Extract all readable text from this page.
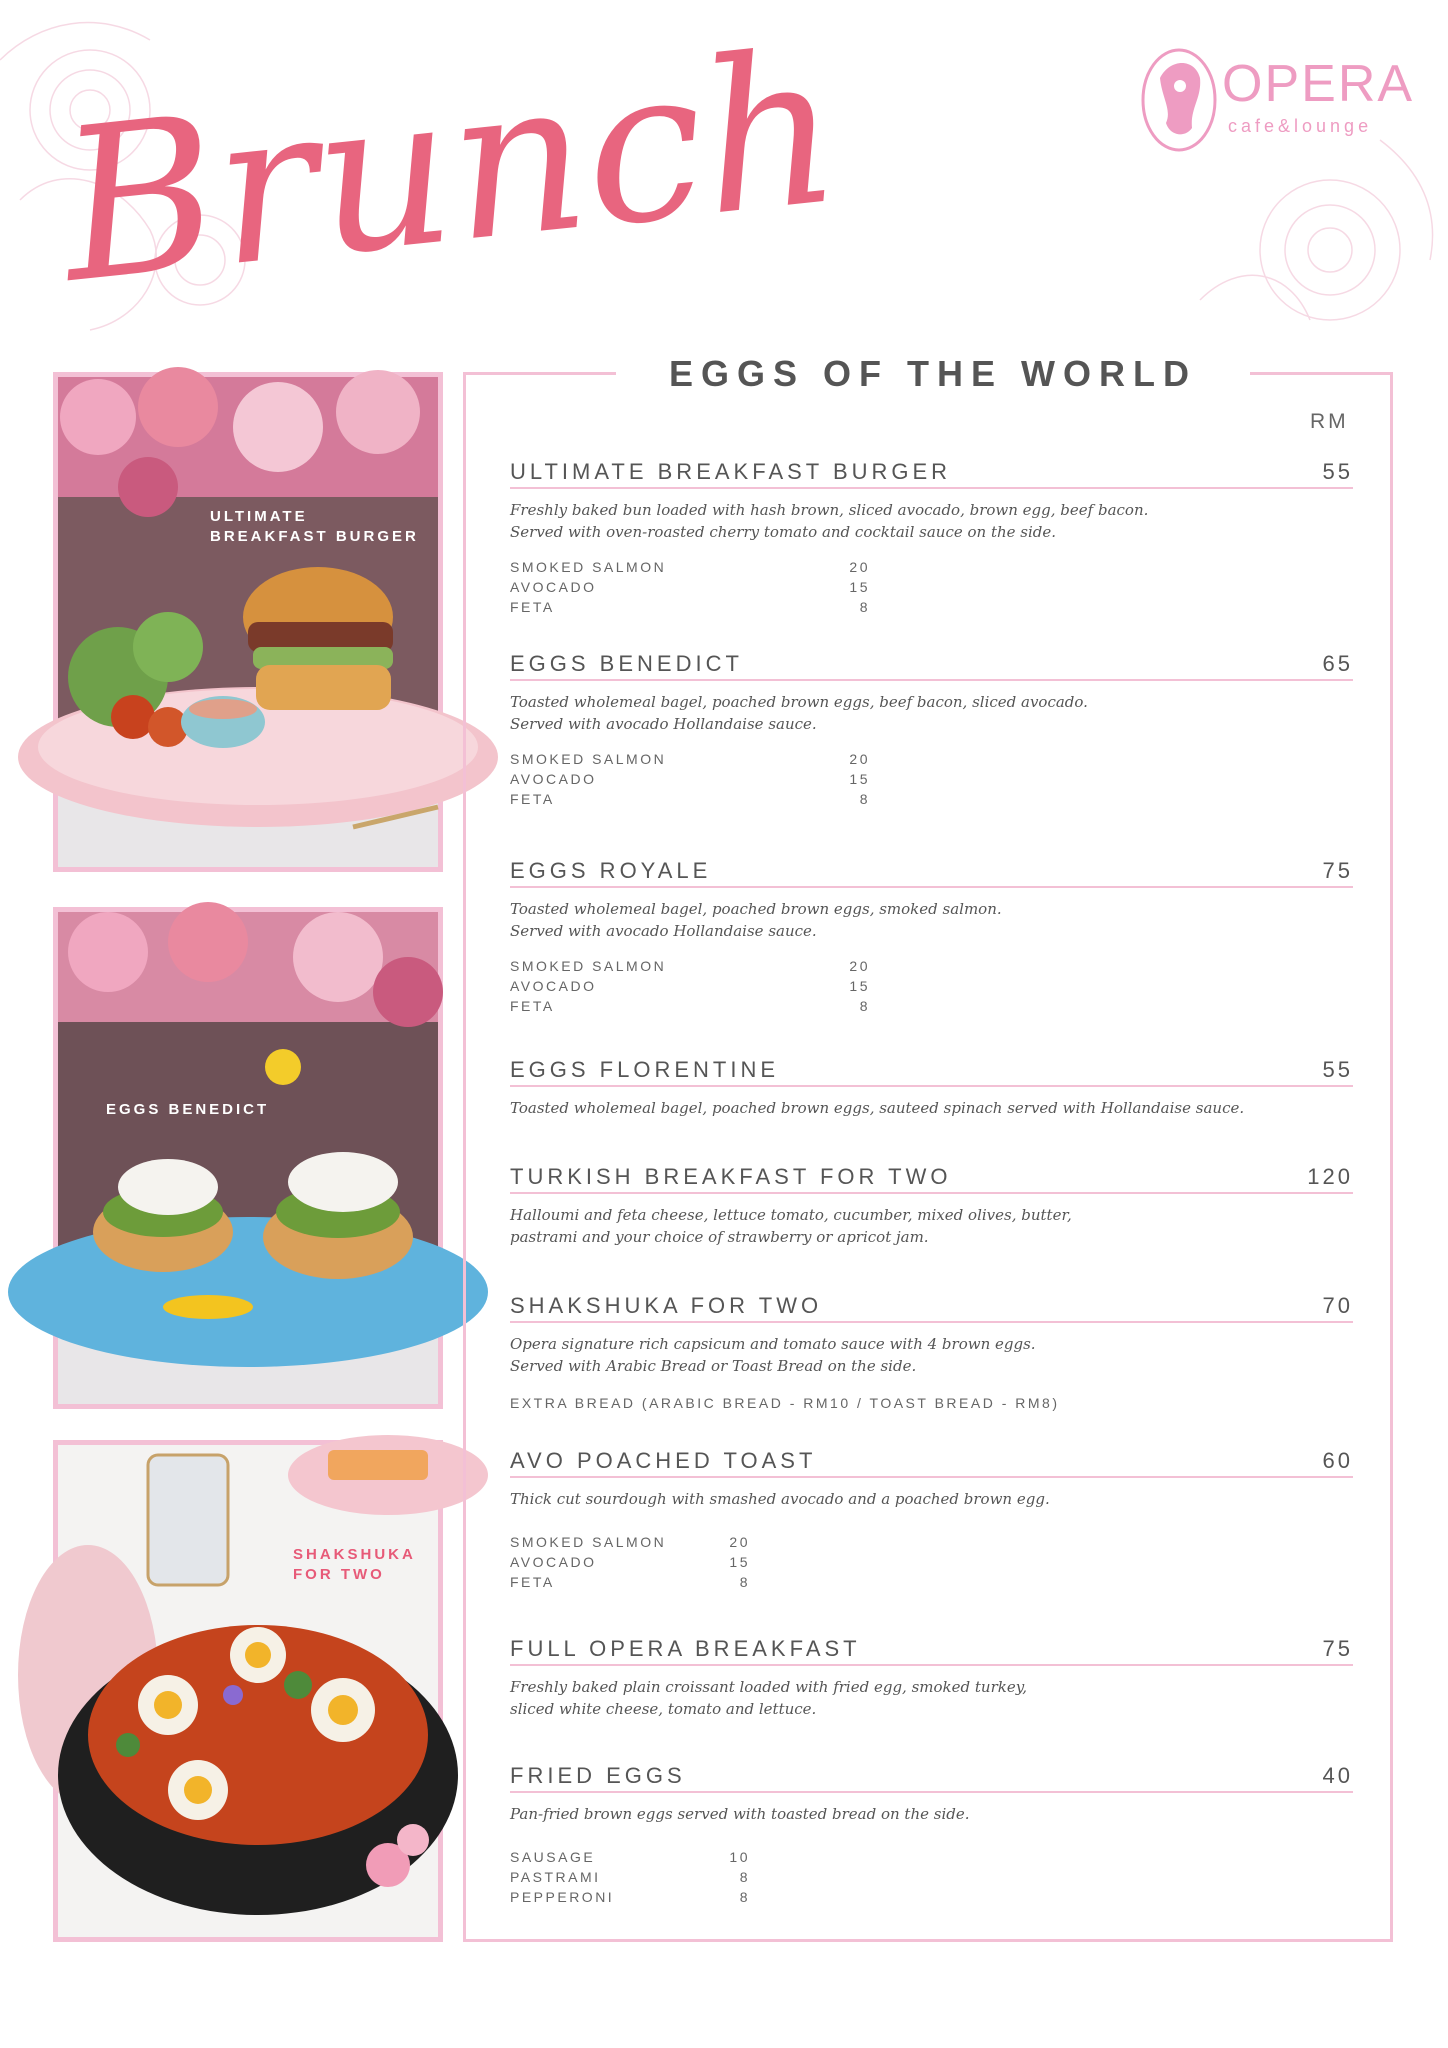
Brunch	OPERA
cafe&lounge
ULTIMATE
BREAKFAST BURGER
EGGS BENEDICT
SHAKSHUKA
FOR TWO
EGGS OF THE WORLD
RM
ULTIMATE BREAKFAST BURGER	55
Freshly baked bun loaded with hash brown, sliced avocado, brown egg, beef bacon.
Served with oven-roasted cherry tomato and cocktail sauce on the side.
SMOKED SALMON	20
AVOCADO	15
FETA	8
EGGS BENEDICT	65
Toasted wholemeal bagel, poached brown eggs, beef bacon, sliced avocado.
Served with avocado Hollandaise sauce.
SMOKED SALMON	20
AVOCADO	15
FETA	8
EGGS ROYALE	75
Toasted wholemeal bagel, poached brown eggs, smoked salmon.
Served with avocado Hollandaise sauce.
SMOKED SALMON	20
AVOCADO	15
FETA	8
EGGS FLORENTINE	55
Toasted wholemeal bagel, poached brown eggs, sauteed spinach served with Hollandaise sauce.
TURKISH BREAKFAST FOR TWO	120
Halloumi and feta cheese, lettuce tomato, cucumber, mixed olives, butter,
pastrami and your choice of strawberry or apricot jam.
SHAKSHUKA FOR TWO	70
Opera signature rich capsicum and tomato sauce with 4 brown eggs.
Served with Arabic Bread or Toast Bread on the side.
EXTRA BREAD (ARABIC BREAD - RM10 / TOAST BREAD - RM8)
AVO POACHED TOAST	60
Thick cut sourdough with smashed avocado and a poached brown egg.
SMOKED SALMON	20
AVOCADO	15
FETA	8
FULL OPERA BREAKFAST	75
Freshly baked plain croissant loaded with fried egg, smoked turkey,
sliced white cheese, tomato and lettuce.
FRIED EGGS	40
Pan-fried brown eggs served with toasted bread on the side.
SAUSAGE	10
PASTRAMI	8
PEPPERONI	8
